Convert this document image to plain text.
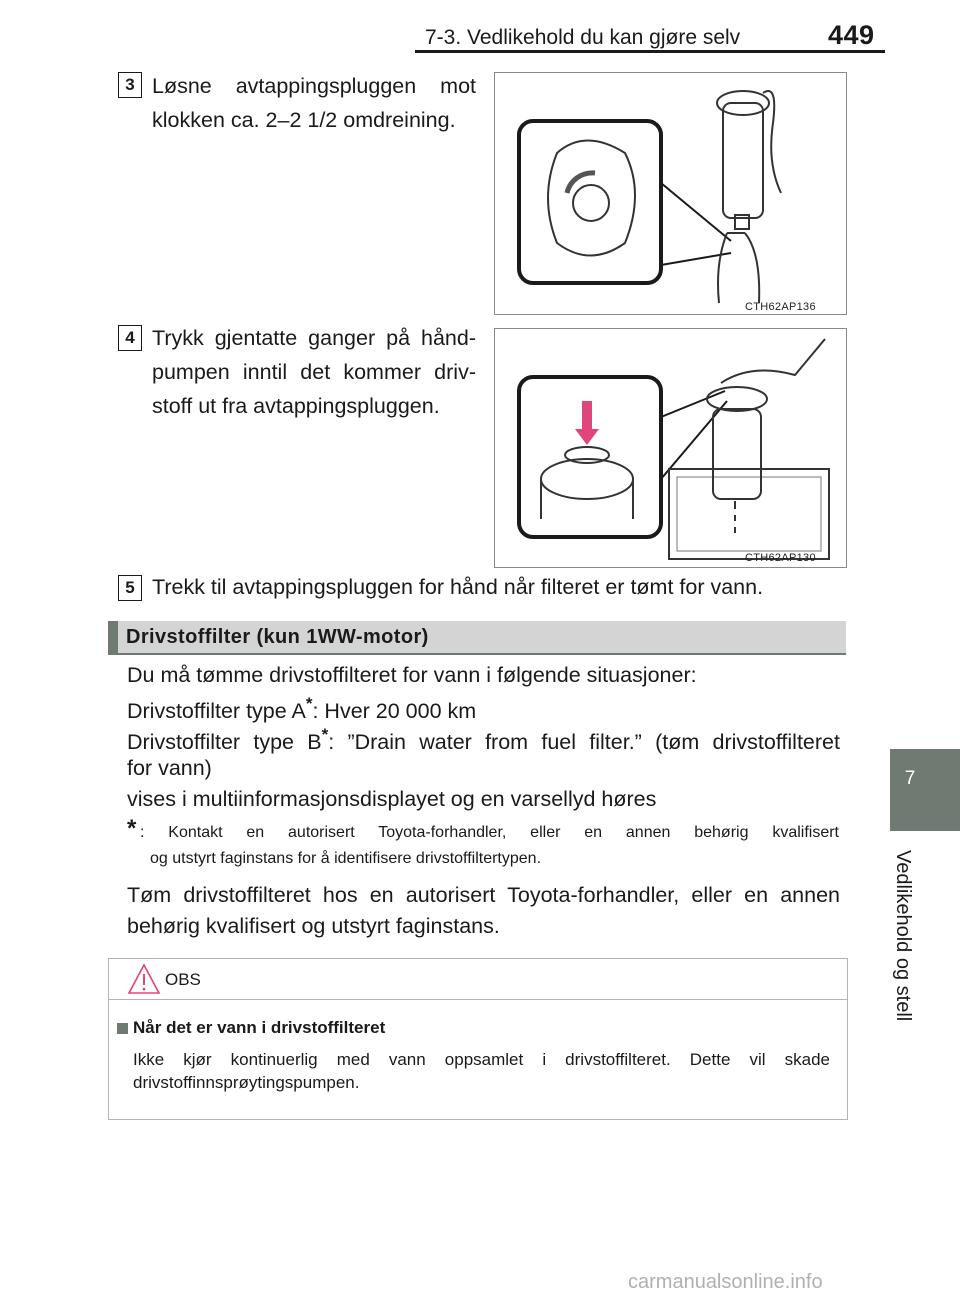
7-3. Vedlikehold du kan gjøre selv	449
7
Vedlikehold og stell
3 Løsne avtappingspluggen mot
klokken ca. 2–2 1/2 omdreining.
CTH62AP136
4 Trykk gjentatte ganger på hånd-
pumpen inntil det kommer driv-
stoff ut fra avtappingspluggen.
CTH62AP130
5 Trekk til avtappingspluggen for hånd når filteret er tømt for vann.
Drivstoffilter (kun 1WW-motor)
Du må tømme drivstoffilteret for vann i følgende situasjoner:
Drivstoffilter type A*: Hver 20 000 km
Drivstoffilter type B*: ”Drain water from fuel filter.” (tøm drivstoffilteret
for vann)
vises i multiinformasjonsdisplayet og en varsellyd høres
* : Kontakt en autorisert Toyota-forhandler, eller en annen behørig kvalifisert
og utstyrt faginstans for å identifisere drivstoffiltertypen.
Tøm drivstoffilteret hos en autorisert Toyota-forhandler, eller en annen
behørig kvalifisert og utstyrt faginstans.
OBS
Når det er vann i drivstoffilteret
Ikke kjør kontinuerlig med vann oppsamlet i drivstoffilteret. Dette vil skade
drivstoffinnsprøytingspumpen.
carmanualsonline.info
